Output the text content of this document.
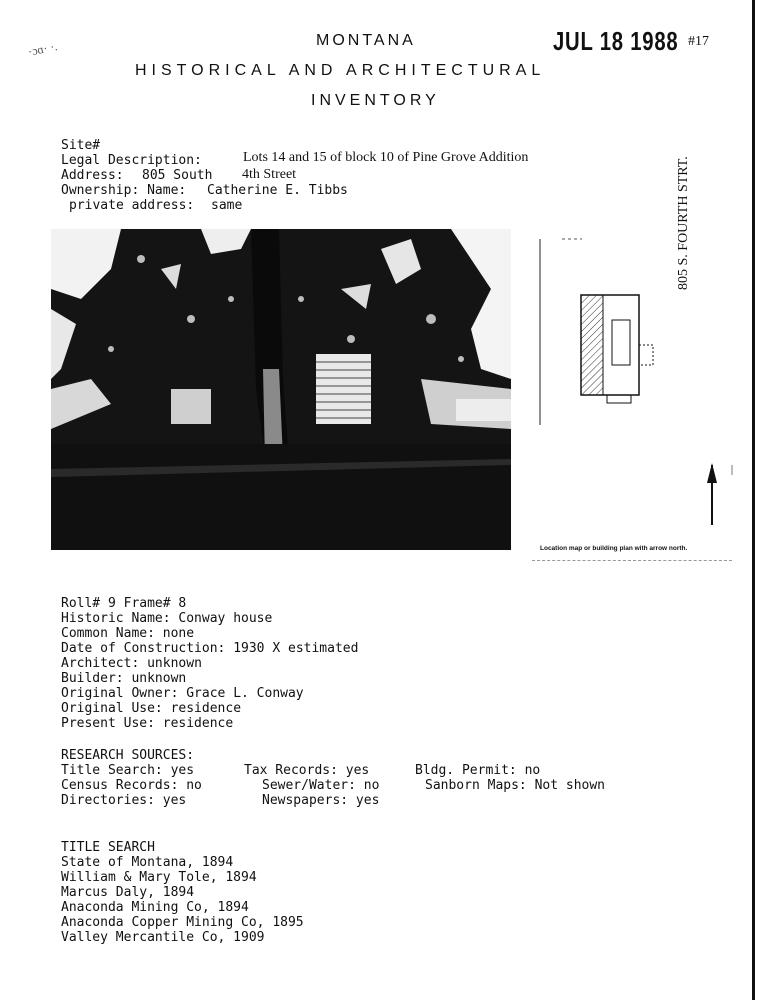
·ɔɑ· ·.	MONTANA	JUL 18 1988 #17
HISTORICAL AND ARCHITECTURAL
INVENTORY
Site#
Legal Description:	Lots 14 and 15 of block 10 of Pine Grove Addition
Address: 805 South 4th Street
Ownership: Name: Catherine E. Tibbs
private address: same	805 S. FOURTH STRT.
Location map or building plan with arrow north.
Roll# 9 Frame# 8
Historic Name: Conway house
Common Name: none
Date of Construction: 1930 X estimated
Architect: unknown
Builder: unknown
Original Owner: Grace L. Conway
Original Use: residence
Present Use: residence
RESEARCH SOURCES:
Title Search: yes	Tax Records: yes	Bldg. Permit: no
Census Records: no	Sewer/Water: no	Sanborn Maps: Not shown
Directories: yes	Newspapers: yes
TITLE SEARCH
State of Montana, 1894
William & Mary Tole, 1894
Marcus Daly, 1894
Anaconda Mining Co, 1894
Anaconda Copper Mining Co, 1895
Valley Mercantile Co, 1909
